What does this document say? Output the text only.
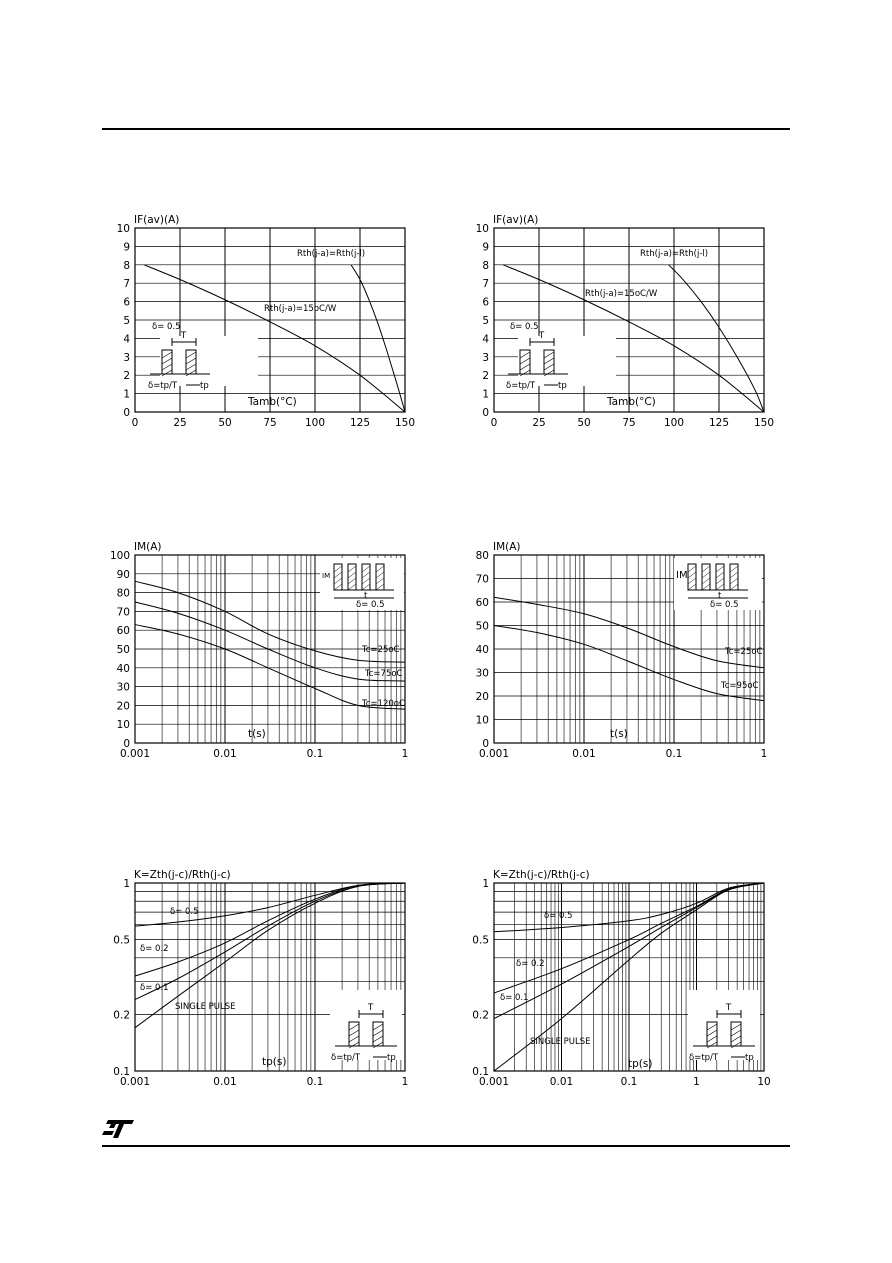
0	25	50	75	100 125 150
0
1
2
3
4
5
6
7
8
9
10
IF(av)(A)
Tamb(°C)
Rth(j-a)=Rth(j-l)
Rth(j-a)=15oC/W
δ= 0.5
T
δ=tp/T	tp
0	25	50	75	100 125 150
0
1
2
3
4
5
6
7
8
9
10
IF(av)(A)
Tamb(°C)
Rth(j-a)=Rth(j-l)
Rth(j-a)=15oC/W
δ= 0.5
T
δ=tp/T	tp
0.001	0.01	0.1	1
0
10
20
30
40
50
60
70
80
90
100
IM(A)
t(s)
Tc=25oC
Tc=75oC
Tc=120oC
IM
t
δ= 0.5
0.001	0.01	0.1	1
0
10
20
30
40
50
60
70
80
IM(A)
t(s)
Tc=25oC
Tc=95oC
IM
t
δ= 0.5
0.001	0.01	0.1	1
0.1
0.2
0.5
1
K=Zth(j-c)/Rth(j-c)
tp(s)
δ= 0.5
δ= 0.2
δ= 0.1
SINGLE PULSE	T
δ=tp/T	tp
0.001	0.01	0.1	1	10
0.1
0.2
0.5
1
K=Zth(j-c)/Rth(j-c)
tp(s)
δ= 0.5
δ= 0.2
δ= 0.1
SINGLE PULSE
T
δ=tp/T	tp
